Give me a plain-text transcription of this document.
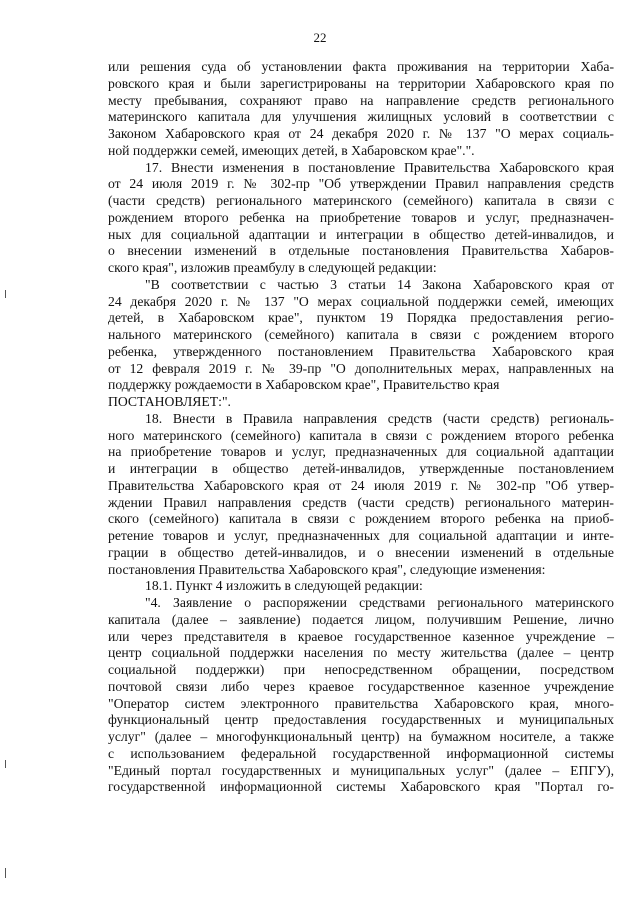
22
или решения суда об установлении факта проживания на территории Хаба-
ровского края и были зарегистрированы на территории Хабаровского края по
месту пребывания, сохраняют право на направление средств регионального
материнского капитала для улучшения жилищных условий в соответствии с
Законом Хабаровского края от 24 декабря 2020 г. № 137 "О мерах социаль-
ной поддержки семей, имеющих детей, в Хабаровском крае".".
17. Внести изменения в постановление Правительства Хабаровского края
от 24 июля 2019 г. № 302-пр "Об утверждении Правил направления средств
(части средств) регионального материнского (семейного) капитала в связи с
рождением второго ребенка на приобретение товаров и услуг, предназначен-
ных для социальной адаптации и интеграции в общество детей-инвалидов, и
о внесении изменений в отдельные постановления Правительства Хабаров-
ского края", изложив преамбулу в следующей редакции:
"В соответствии с частью 3 статьи 14 Закона Хабаровского края от
24 декабря 2020 г. № 137 "О мерах социальной поддержки семей, имеющих
детей, в Хабаровском крае", пунктом 19 Порядка предоставления регио-
нального материнского (семейного) капитала в связи с рождением второго
ребенка, утвержденного постановлением Правительства Хабаровского края
от 12 февраля 2019 г. № 39-пр "О дополнительных мерах, направленных на
поддержку рождаемости в Хабаровском крае", Правительство края
ПОСТАНОВЛЯЕТ:".
18. Внести в Правила направления средств (части средств) региональ-
ного материнского (семейного) капитала в связи с рождением второго ребенка
на приобретение товаров и услуг, предназначенных для социальной адаптации
и интеграции в общество детей-инвалидов, утвержденные постановлением
Правительства Хабаровского края от 24 июля 2019 г. № 302-пр "Об утвер-
ждении Правил направления средств (части средств) регионального материн-
ского (семейного) капитала в связи с рождением второго ребенка на приоб-
ретение товаров и услуг, предназначенных для социальной адаптации и инте-
грации в общество детей-инвалидов, и о внесении изменений в отдельные
постановления Правительства Хабаровского края", следующие изменения:
18.1. Пункт 4 изложить в следующей редакции:
"4. Заявление о распоряжении средствами регионального материнского
капитала (далее – заявление) подается лицом, получившим Решение, лично
или через представителя в краевое государственное казенное учреждение –
центр социальной поддержки населения по месту жительства (далее – центр
социальной поддержки) при непосредственном обращении, посредством
почтовой связи либо через краевое государственное казенное учреждение
"Оператор систем электронного правительства Хабаровского края, много-
функциональный центр предоставления государственных и муниципальных
услуг" (далее – многофункциональный центр) на бумажном носителе, а также
с использованием федеральной государственной информационной системы
"Единый портал государственных и муниципальных услуг" (далее – ЕПГУ),
государственной информационной системы Хабаровского края "Портал го-
